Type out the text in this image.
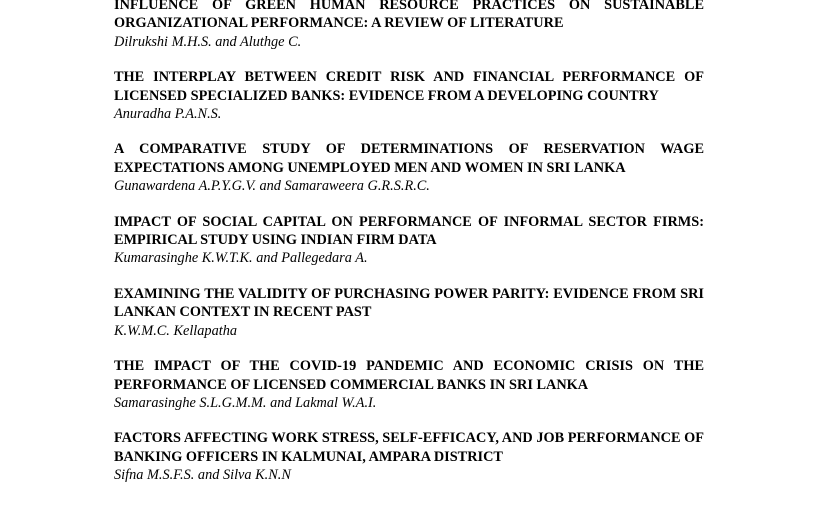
INFLUENCE OF GREEN HUMAN RESOURCE PRACTICES ON SUSTAINABLE ORGANIZATIONAL PERFORMANCE: A REVIEW OF LITERATURE

Dilrukshi M.H.S. and Aluthge C.

THE INTERPLAY BETWEEN CREDIT RISK AND FINANCIAL PERFORMANCE OF LICENSED SPECIALIZED BANKS: EVIDENCE FROM A DEVELOPING COUNTRY

Anuradha P.A.N.S.

A COMPARATIVE STUDY OF DETERMINATIONS OF RESERVATION WAGE EXPECTATIONS AMONG UNEMPLOYED MEN AND WOMEN IN SRI LANKA

Gunawardena A.P.Y.G.V. and Samaraweera G.R.S.R.C.

IMPACT OF SOCIAL CAPITAL ON PERFORMANCE OF INFORMAL SECTOR FIRMS: EMPIRICAL STUDY USING INDIAN FIRM DATA

Kumarasinghe K.W.T.K. and Pallegedara A.

EXAMINING THE VALIDITY OF PURCHASING POWER PARITY: EVIDENCE FROM SRI LANKAN CONTEXT IN RECENT PAST

K.W.M.C. Kellapatha

THE IMPACT OF THE COVID-19 PANDEMIC AND ECONOMIC CRISIS ON THE PERFORMANCE OF LICENSED COMMERCIAL BANKS IN SRI LANKA

Samarasinghe S.L.G.M.M. and Lakmal W.A.I.

FACTORS AFFECTING WORK STRESS, SELF-EFFICACY, AND JOB PERFORMANCE OF BANKING OFFICERS IN KALMUNAI, AMPARA DISTRICT

Sifna M.S.F.S. and Silva K.N.N
